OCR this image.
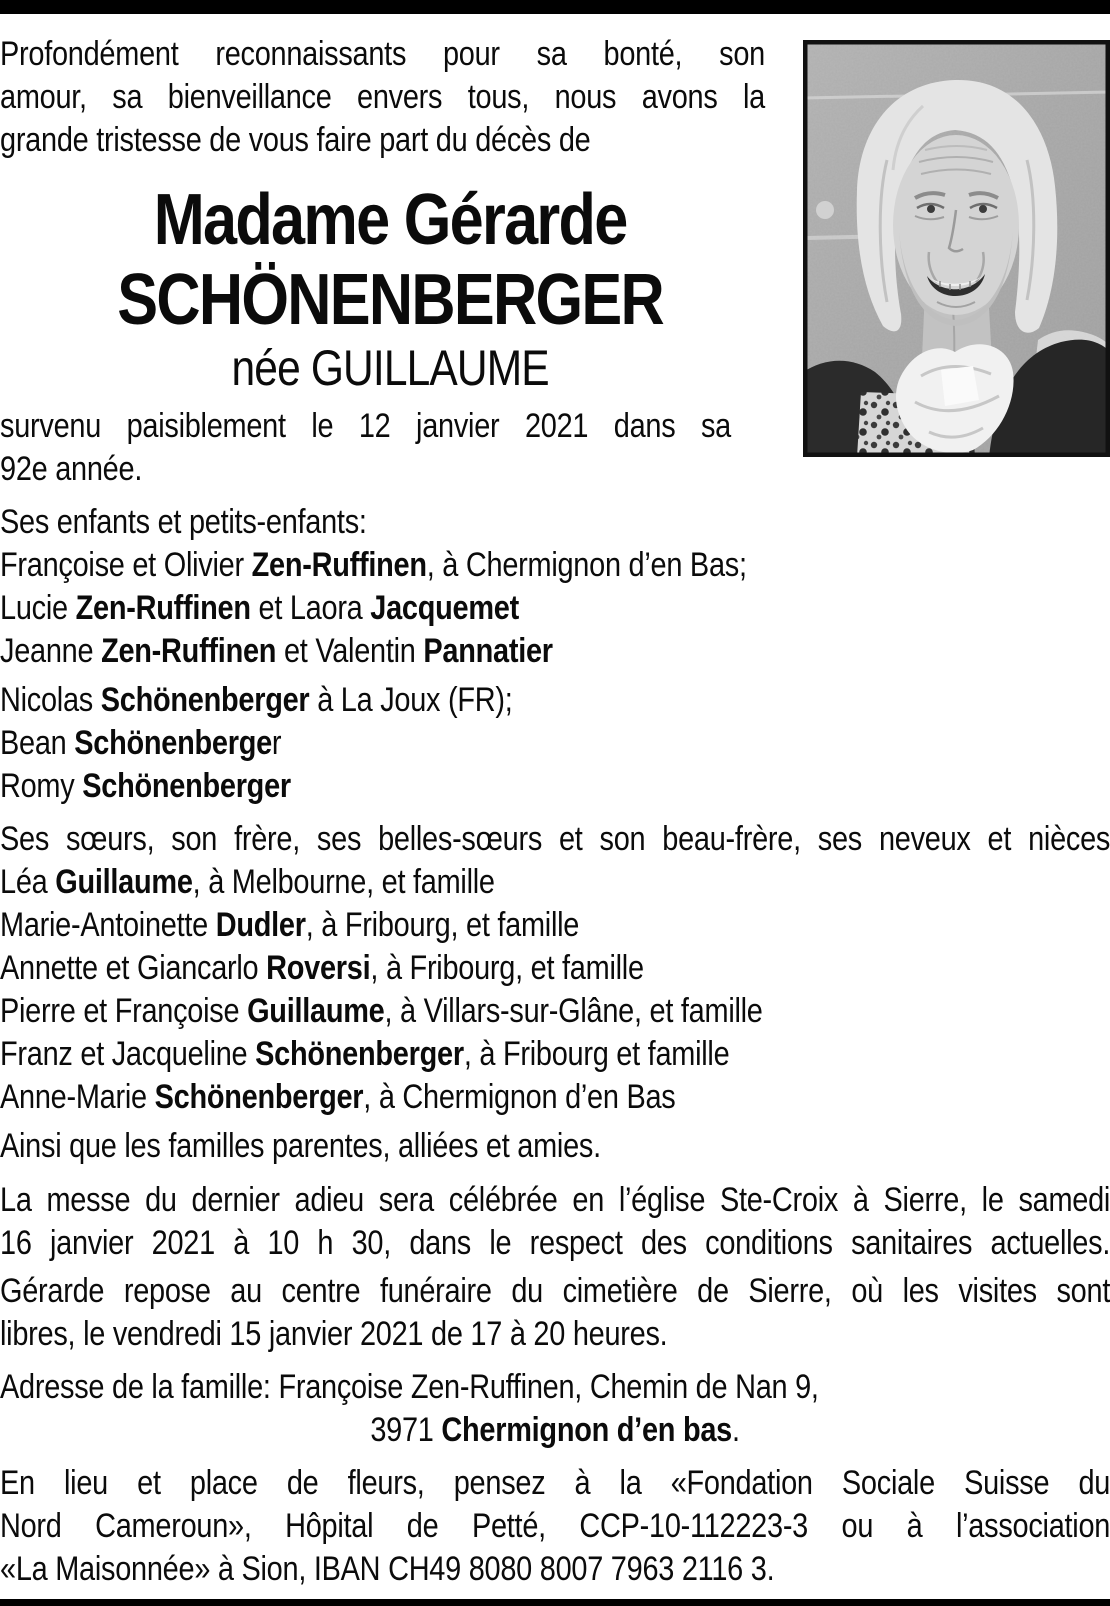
Profondément reconnaissants pour sa bonté, son
amour, sa bienveillance envers tous, nous avons la
grande tristesse de vous faire part du décès de
Madame Gérarde
SCHÖNENBERGER
née GUILLAUME
survenu paisiblement le 12 janvier 2021 dans sa
92e année.
Ses enfants et petits-enfants:
Françoise et Olivier Zen-Ruffinen, à Chermignon d’en Bas;
Lucie Zen-Ruffinen et Laora Jacquemet
Jeanne Zen-Ruffinen et Valentin Pannatier
Nicolas Schönenberger à La Joux (FR);
Bean Schönenberger
Romy Schönenberger
Ses sœurs, son frère, ses belles-sœurs et son beau-frère, ses neveux et nièces
Léa Guillaume, à Melbourne, et famille
Marie-Antoinette Dudler, à Fribourg, et famille
Annette et Giancarlo Roversi, à Fribourg, et famille
Pierre et Françoise Guillaume, à Villars-sur-Glâne, et famille
Franz et Jacqueline Schönenberger, à Fribourg et famille
Anne-Marie Schönenberger, à Chermignon d’en Bas
Ainsi que les familles parentes, alliées et amies.
La messe du dernier adieu sera célébrée en l’église Ste-Croix à Sierre, le samedi
16 janvier 2021 à 10 h 30, dans le respect des conditions sanitaires actuelles.
Gérarde repose au centre funéraire du cimetière de Sierre, où les visites sont
libres, le vendredi 15 janvier 2021 de 17 à 20 heures.
Adresse de la famille: Françoise Zen-Ruffinen, Chemin de Nan 9,
3971 Chermignon d’en bas.
En lieu et place de fleurs, pensez à la «Fondation Sociale Suisse du
Nord Cameroun», Hôpital de Petté, CCP-10-112223-3 ou à l’association
«La Maisonnée» à Sion, IBAN CH49 8080 8007 7963 2116 3.
